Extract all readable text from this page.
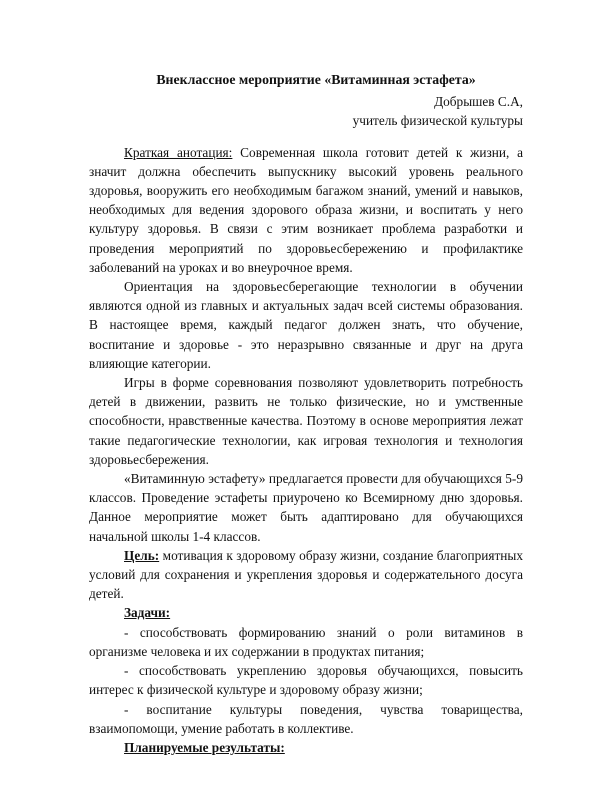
Внеклассное мероприятие «Витаминная эстафета»

Добрышев С.А,

учитель физической культуры

Краткая анотация: Современная школа готовит детей к жизни, а значит должна обеспечить выпускнику высокий уровень реального здоровья, вооружить его необходимым багажом знаний, умений и навыков, необходимых для ведения здорового образа жизни, и воспитать у него культуру здоровья. В связи с этим возникает проблема разработки и проведения мероприятий по здоровьесбережению и профилактике заболеваний на уроках и во внеурочное время.

Ориентация на здоровьесберегающие технологии в обучении являются одной из главных и актуальных задач всей системы образования. В настоящее время, каждый педагог должен знать, что обучение, воспитание и здоровье - это неразрывно связанные и друг на друга влияющие категории.

Игры в форме соревнования позволяют удовлетворить потребность детей в движении, развить не только физические, но и умственные способности, нравственные качества. Поэтому в основе мероприятия лежат такие педагогические технологии, как игровая технология и технология здоровьесбережения.

«Витаминную эстафету» предлагается провести для обучающихся 5-9 классов. Проведение эстафеты приурочено ко Всемирному дню здоровья. Данное мероприятие может быть адаптировано для обучающихся начальной школы 1-4 классов.

Цель: мотивация к здоровому образу жизни, создание благоприятных условий для сохранения и укрепления здоровья и содержательного досуга детей.

Задачи:

- способствовать формированию знаний о роли витаминов в организме человека и их содержании в продуктах питания;

- способствовать укреплению здоровья обучающихся, повысить интерес к физической культуре и здоровому образу жизни;

- воспитание культуры поведения, чувства товарищества, взаимопомощи, умение работать в коллективе.

Планируемые результаты:
